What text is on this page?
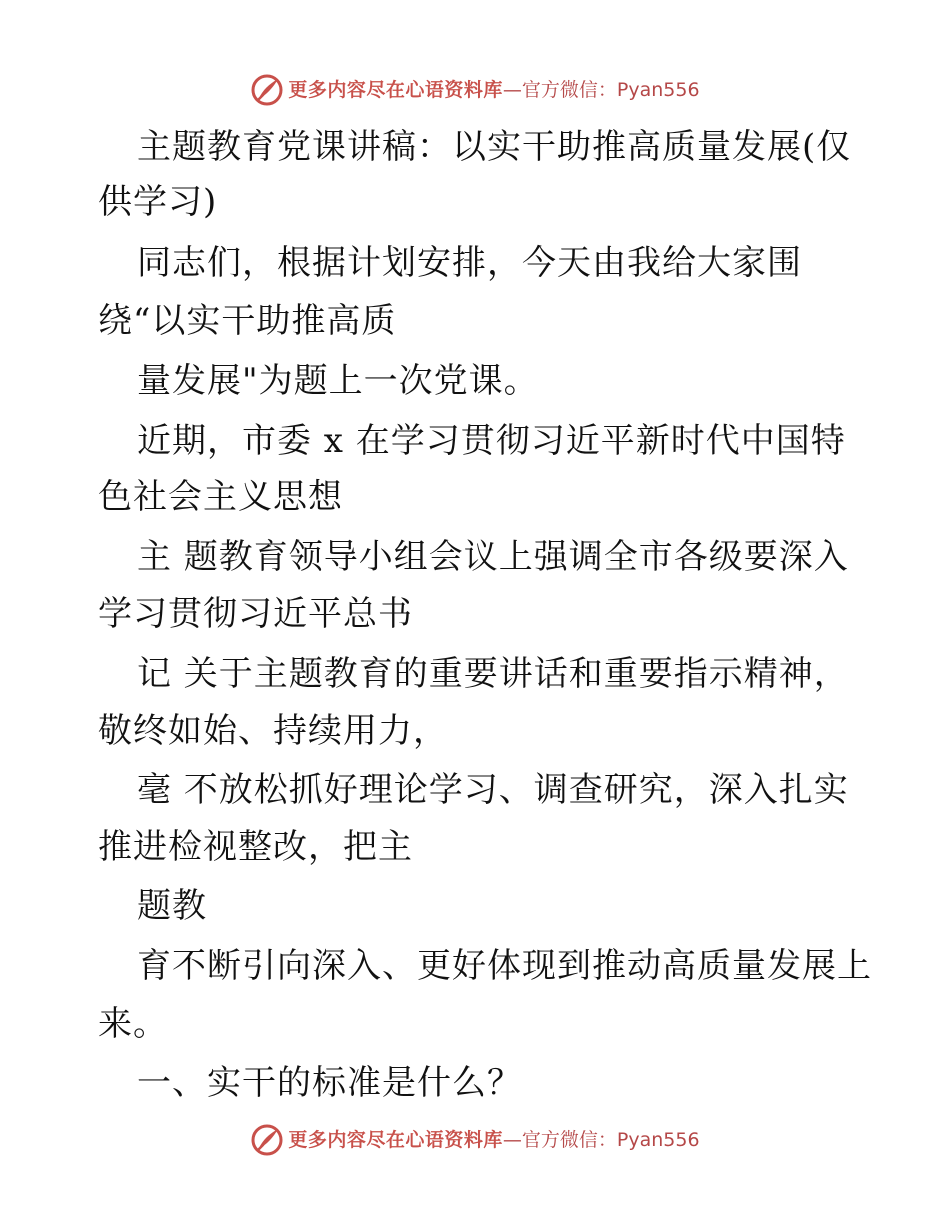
更多内容尽在心语资料库 —官方微信：Pyan556
主题教育党课讲稿：以实干助推高质量发展(仅
供学习)
同志们，根据计划安排，今天由我给大家围
绕“以实干助推高质
量发展"为题上一次党课。
近期，市委 x 在学习贯彻习近平新时代中国特
色社会主义思想
主 题教育领导小组会议上强调全市各级要深入
学习贯彻习近平总书
记 关于主题教育的重要讲话和重要指示精神，
敬终如始、持续用力，
毫 不放松抓好理论学习、调查研究，深入扎实
推进检视整改，把主
题教
育不断引向深入、更好体现到推动高质量发展上
来。
一、实干的标准是什么？
更多内容尽在心语资料库 —官方微信：Pyan556
